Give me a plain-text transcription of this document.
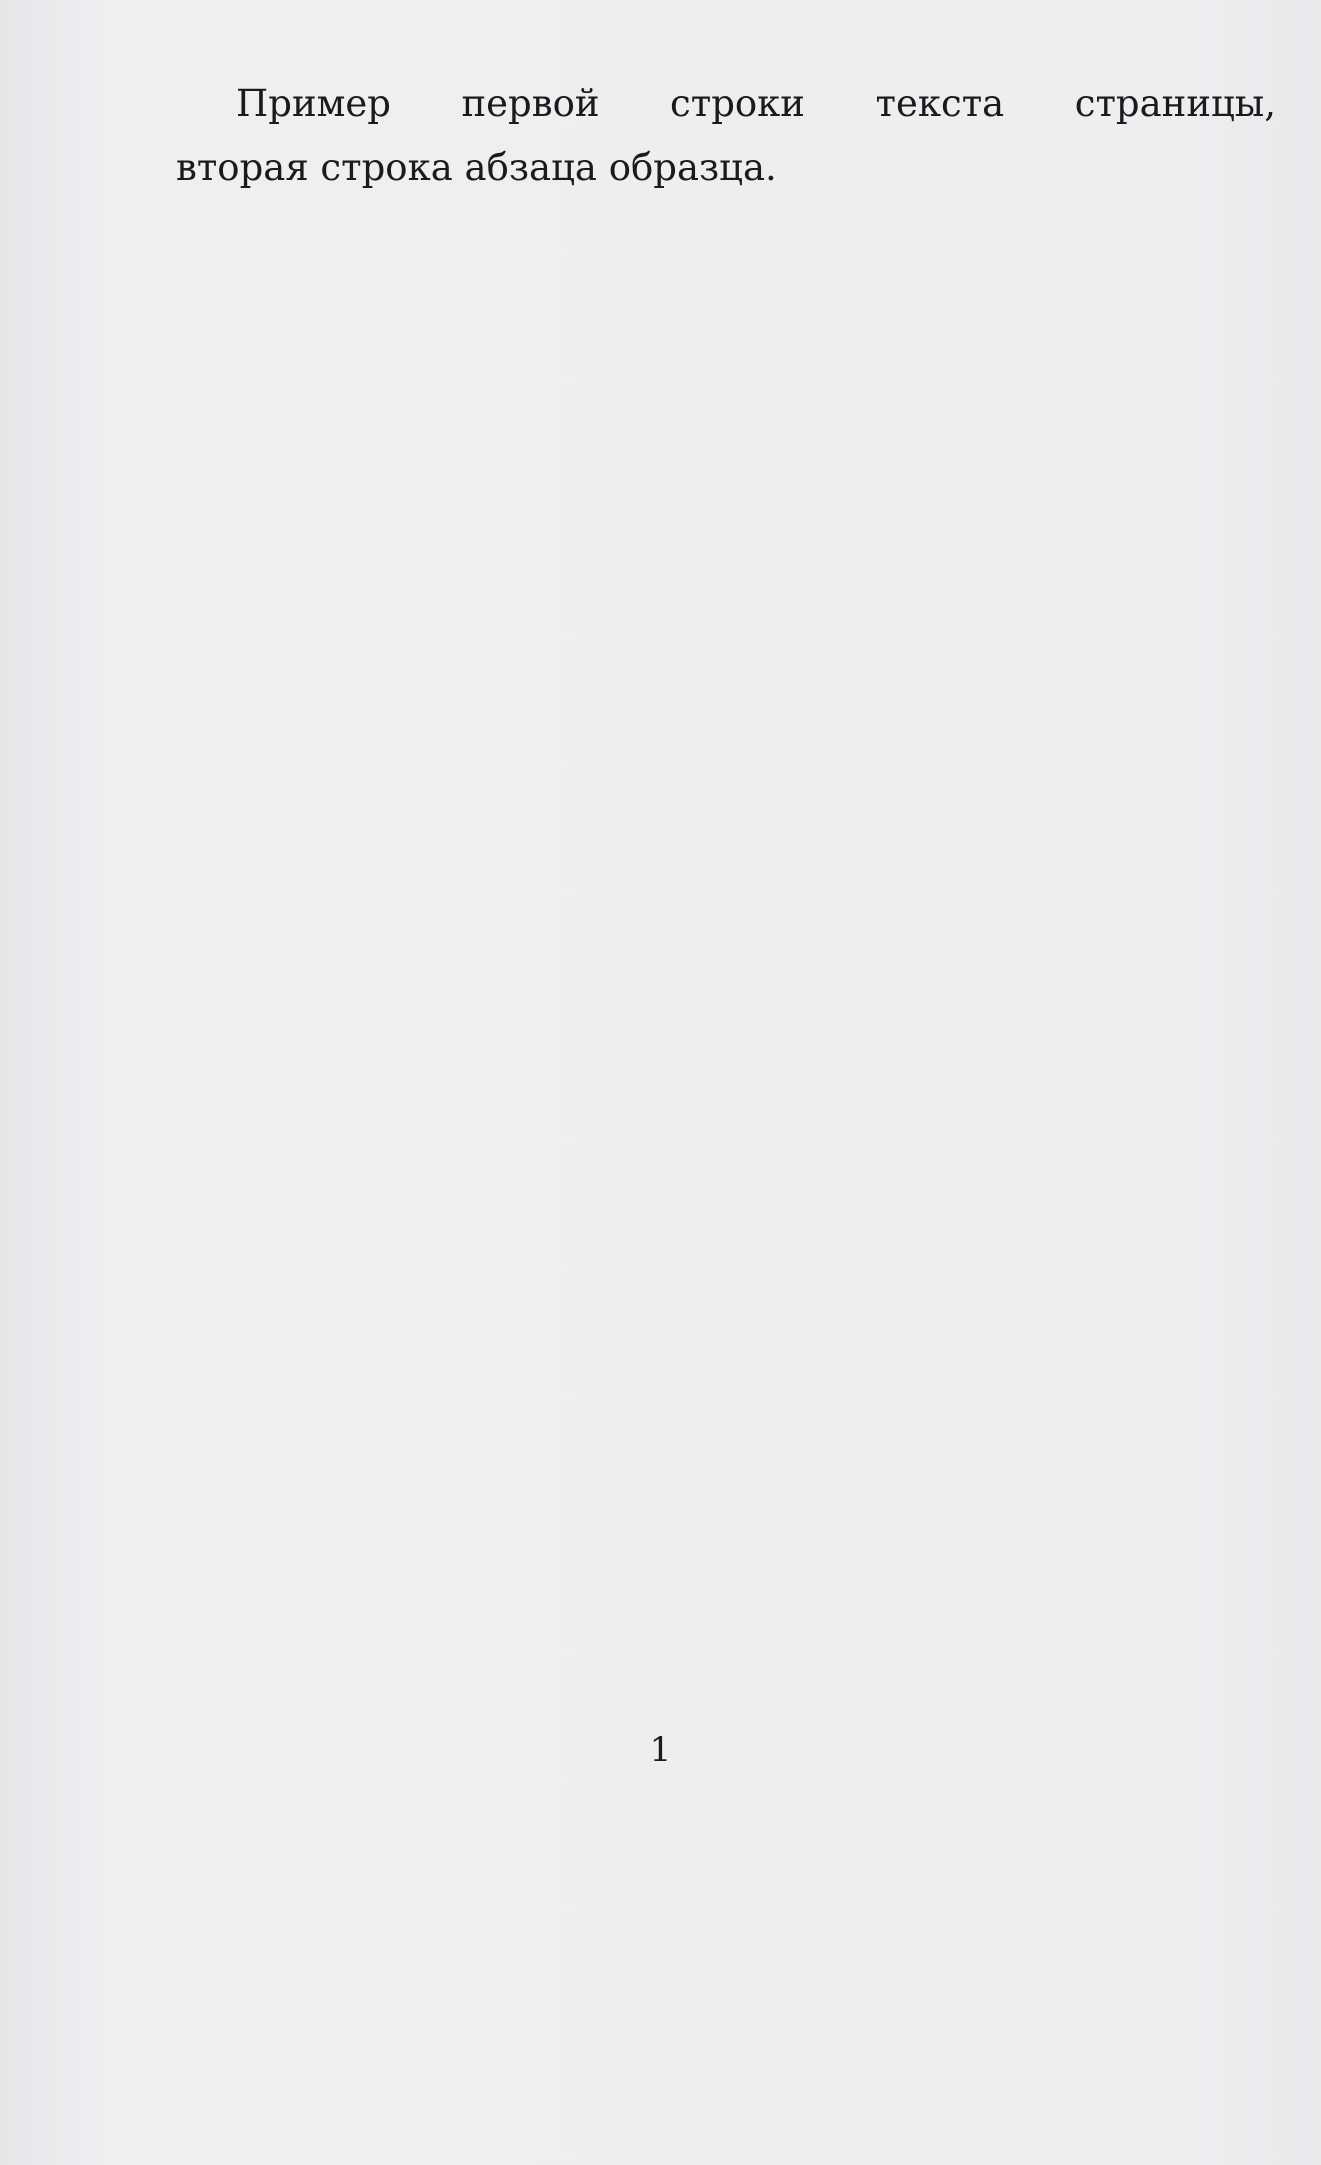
Пример первой строки текста страницы,
вторая строка абзаца образца.
1
